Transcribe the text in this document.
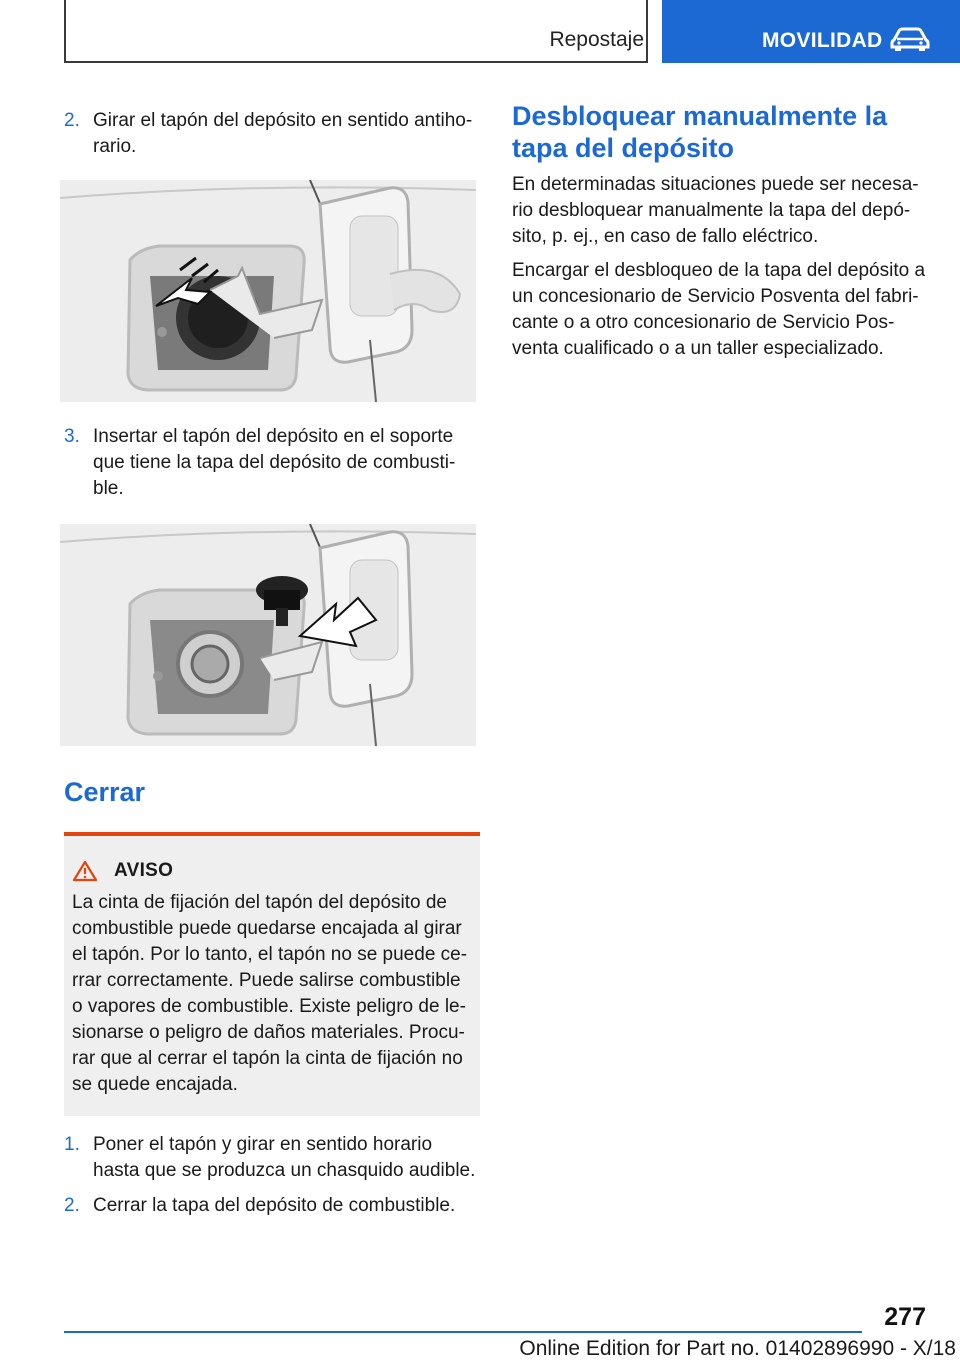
Repostaje	MOVILIDAD

2. Girar el tapón del depósito en sentido antiho-rario.

3. Insertar el tapón del depósito en el soporte que tiene la tapa del depósito de combusti-ble.

Cerrar
AVISO
La cinta de fijación del tapón del depósito de combustible puede quedarse encajada al girar el tapón. Por lo tanto, el tapón no se puede ce-rrar correctamente. Puede salirse combustible o vapores de combustible. Existe peligro de le-sionarse o peligro de daños materiales. Procu-rar que al cerrar el tapón la cinta de fijación no se quede encajada.

1. Poner el tapón y girar en sentido horario hasta que se produzca un chasquido audible.

2. Cerrar la tapa del depósito de combustible.

Desbloquear manualmente la tapa del depósito

En determinadas situaciones puede ser necesa-rio desbloquear manualmente la tapa del depó-sito, p. ej., en caso de fallo eléctrico.

Encargar el desbloqueo de la tapa del depósito a un concesionario de Servicio Posventa del fabri-cante o a otro concesionario de Servicio Pos-venta cualificado o a un taller especializado.

277
Online Edition for Part no. 01402896990 - X/18
